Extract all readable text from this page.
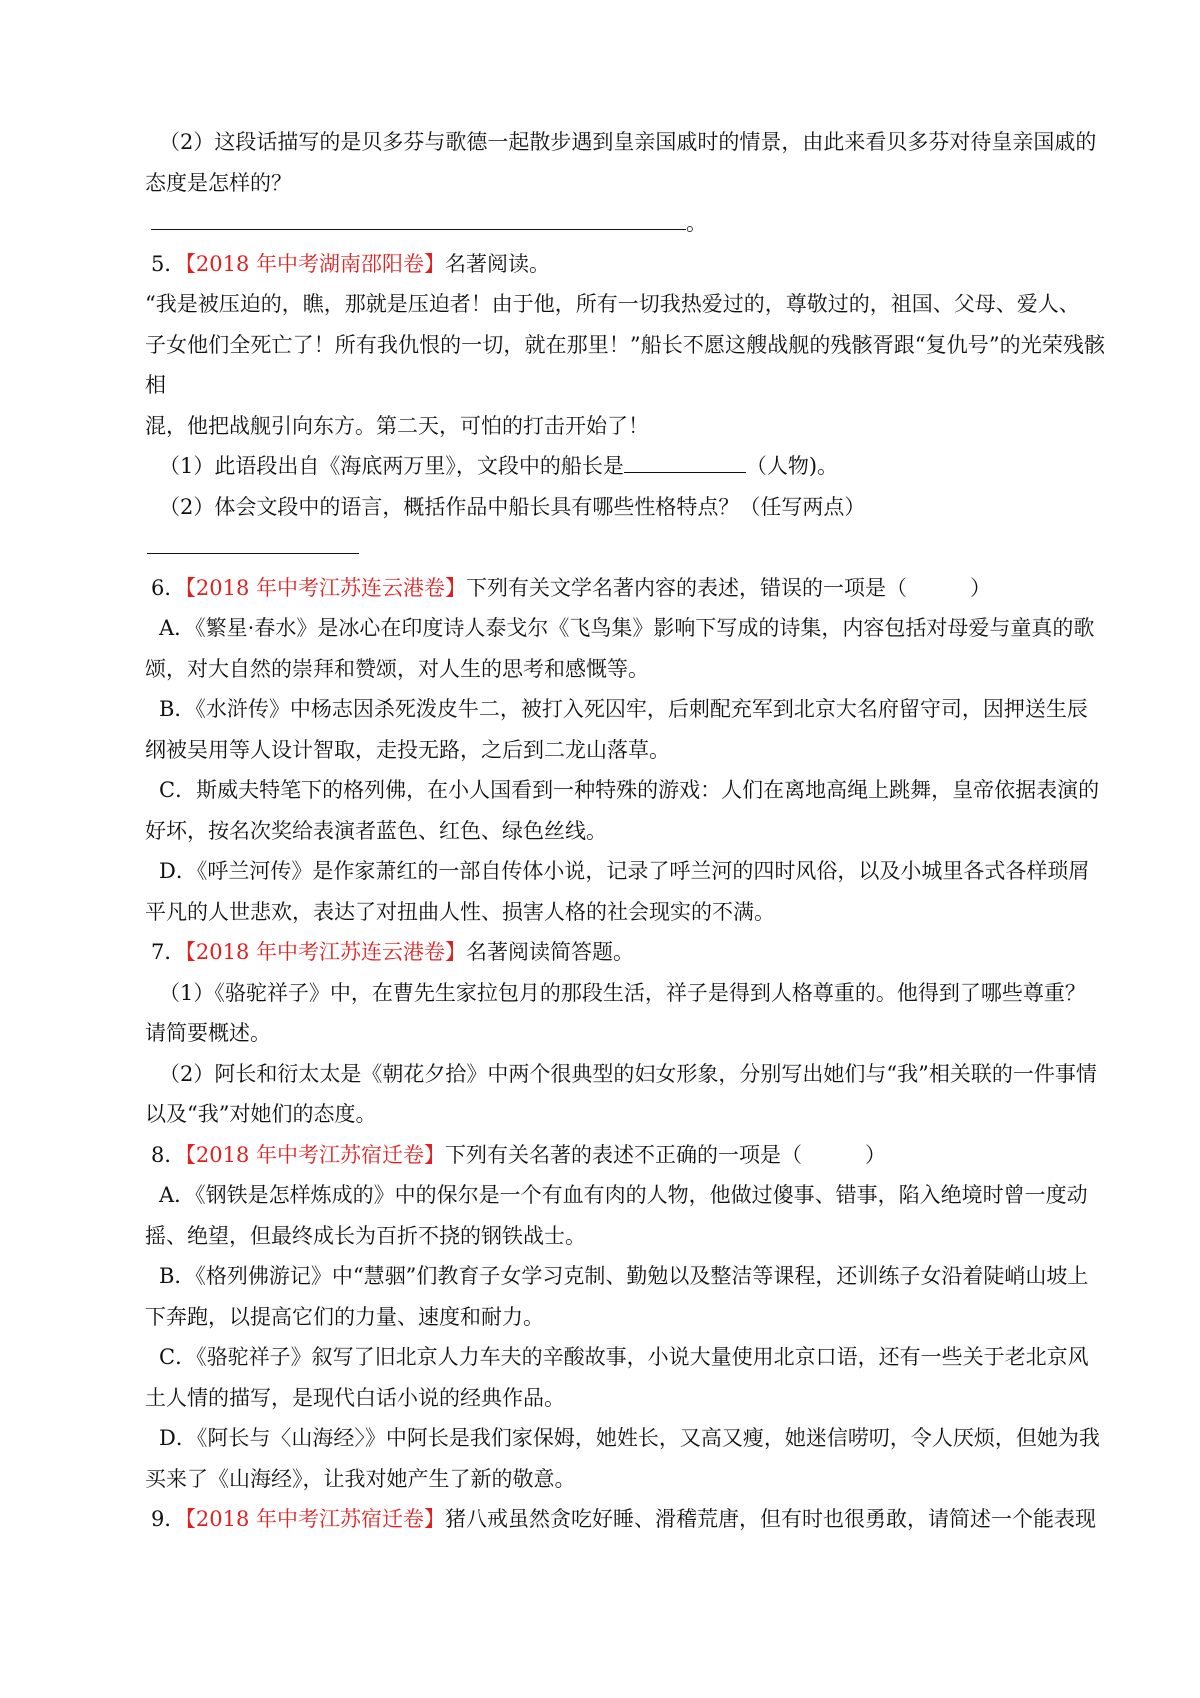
（2）这段话描写的是贝多芬与歌德一起散步遇到皇亲国戚时的情景，由此来看贝多芬对待皇亲国戚的

态度是怎样的？

。

5．【2018 年中考湖南邵阳卷】名著阅读。

“我是被压迫的，瞧，那就是压迫者！由于他，所有一切我热爱过的，尊敬过的，祖国、父母、爱人、

子女他们全死亡了！所有我仇恨的一切，就在那里！”船长不愿这艘战舰的残骸胥跟“复仇号”的光荣残骸相

混，他把战舰引向东方。第二天，可怕的打击开始了！

（1）此语段出自《海底两万里》，文段中的船长是	（人物)。

（2）体会文段中的语言，概括作品中船长具有哪些性格特点？（任写两点）

6．【2018 年中考江苏连云港卷】下列有关文学名著内容的表述，错误的一项是（　　　）

A．《繁星·春水》是冰心在印度诗人泰戈尔《飞鸟集》影响下写成的诗集，内容包括对母爱与童真的歌

颂，对大自然的崇拜和赞颂，对人生的思考和感慨等。

B．《水浒传》中杨志因杀死泼皮牛二，被打入死囚牢，后刺配充军到北京大名府留守司，因押送生辰

纲被吴用等人设计智取，走投无路，之后到二龙山落草。

C．斯威夫特笔下的格列佛，在小人国看到一种特殊的游戏：人们在离地高绳上跳舞，皇帝依据表演的

好坏，按名次奖给表演者蓝色、红色、绿色丝线。

D．《呼兰河传》是作家萧红的一部自传体小说，记录了呼兰河的四时风俗，以及小城里各式各样琐屑

平凡的人世悲欢，表达了对扭曲人性、损害人格的社会现实的不满。

7．【2018 年中考江苏连云港卷】名著阅读简答题。

（1）《骆驼祥子》中，在曹先生家拉包月的那段生活，祥子是得到人格尊重的。他得到了哪些尊重？

请简要概述。

（2）阿长和衍太太是《朝花夕拾》中两个很典型的妇女形象，分别写出她们与“我”相关联的一件事情

以及“我”对她们的态度。

8．【2018 年中考江苏宿迁卷】下列有关名著的表述不正确的一项是（　　　）

A．《钢铁是怎样炼成的》中的保尔是一个有血有肉的人物，他做过傻事、错事，陷入绝境时曾一度动

摇、绝望，但最终成长为百折不挠的钢铁战士。

B．《格列佛游记》中“慧骃”们教育子女学习克制、勤勉以及整洁等课程，还训练子女沿着陡峭山坡上

下奔跑，以提高它们的力量、速度和耐力。

C．《骆驼祥子》叙写了旧北京人力车夫的辛酸故事，小说大量使用北京口语，还有一些关于老北京风

土人情的描写，是现代白话小说的经典作品。

D．《阿长与〈山海经〉》中阿长是我们家保姆，她姓长，又高又瘦，她迷信唠叨，令人厌烦，但她为我

买来了《山海经》，让我对她产生了新的敬意。

9．【2018 年中考江苏宿迁卷】猪八戒虽然贪吃好睡、滑稽荒唐，但有时也很勇敢，请简述一个能表现
